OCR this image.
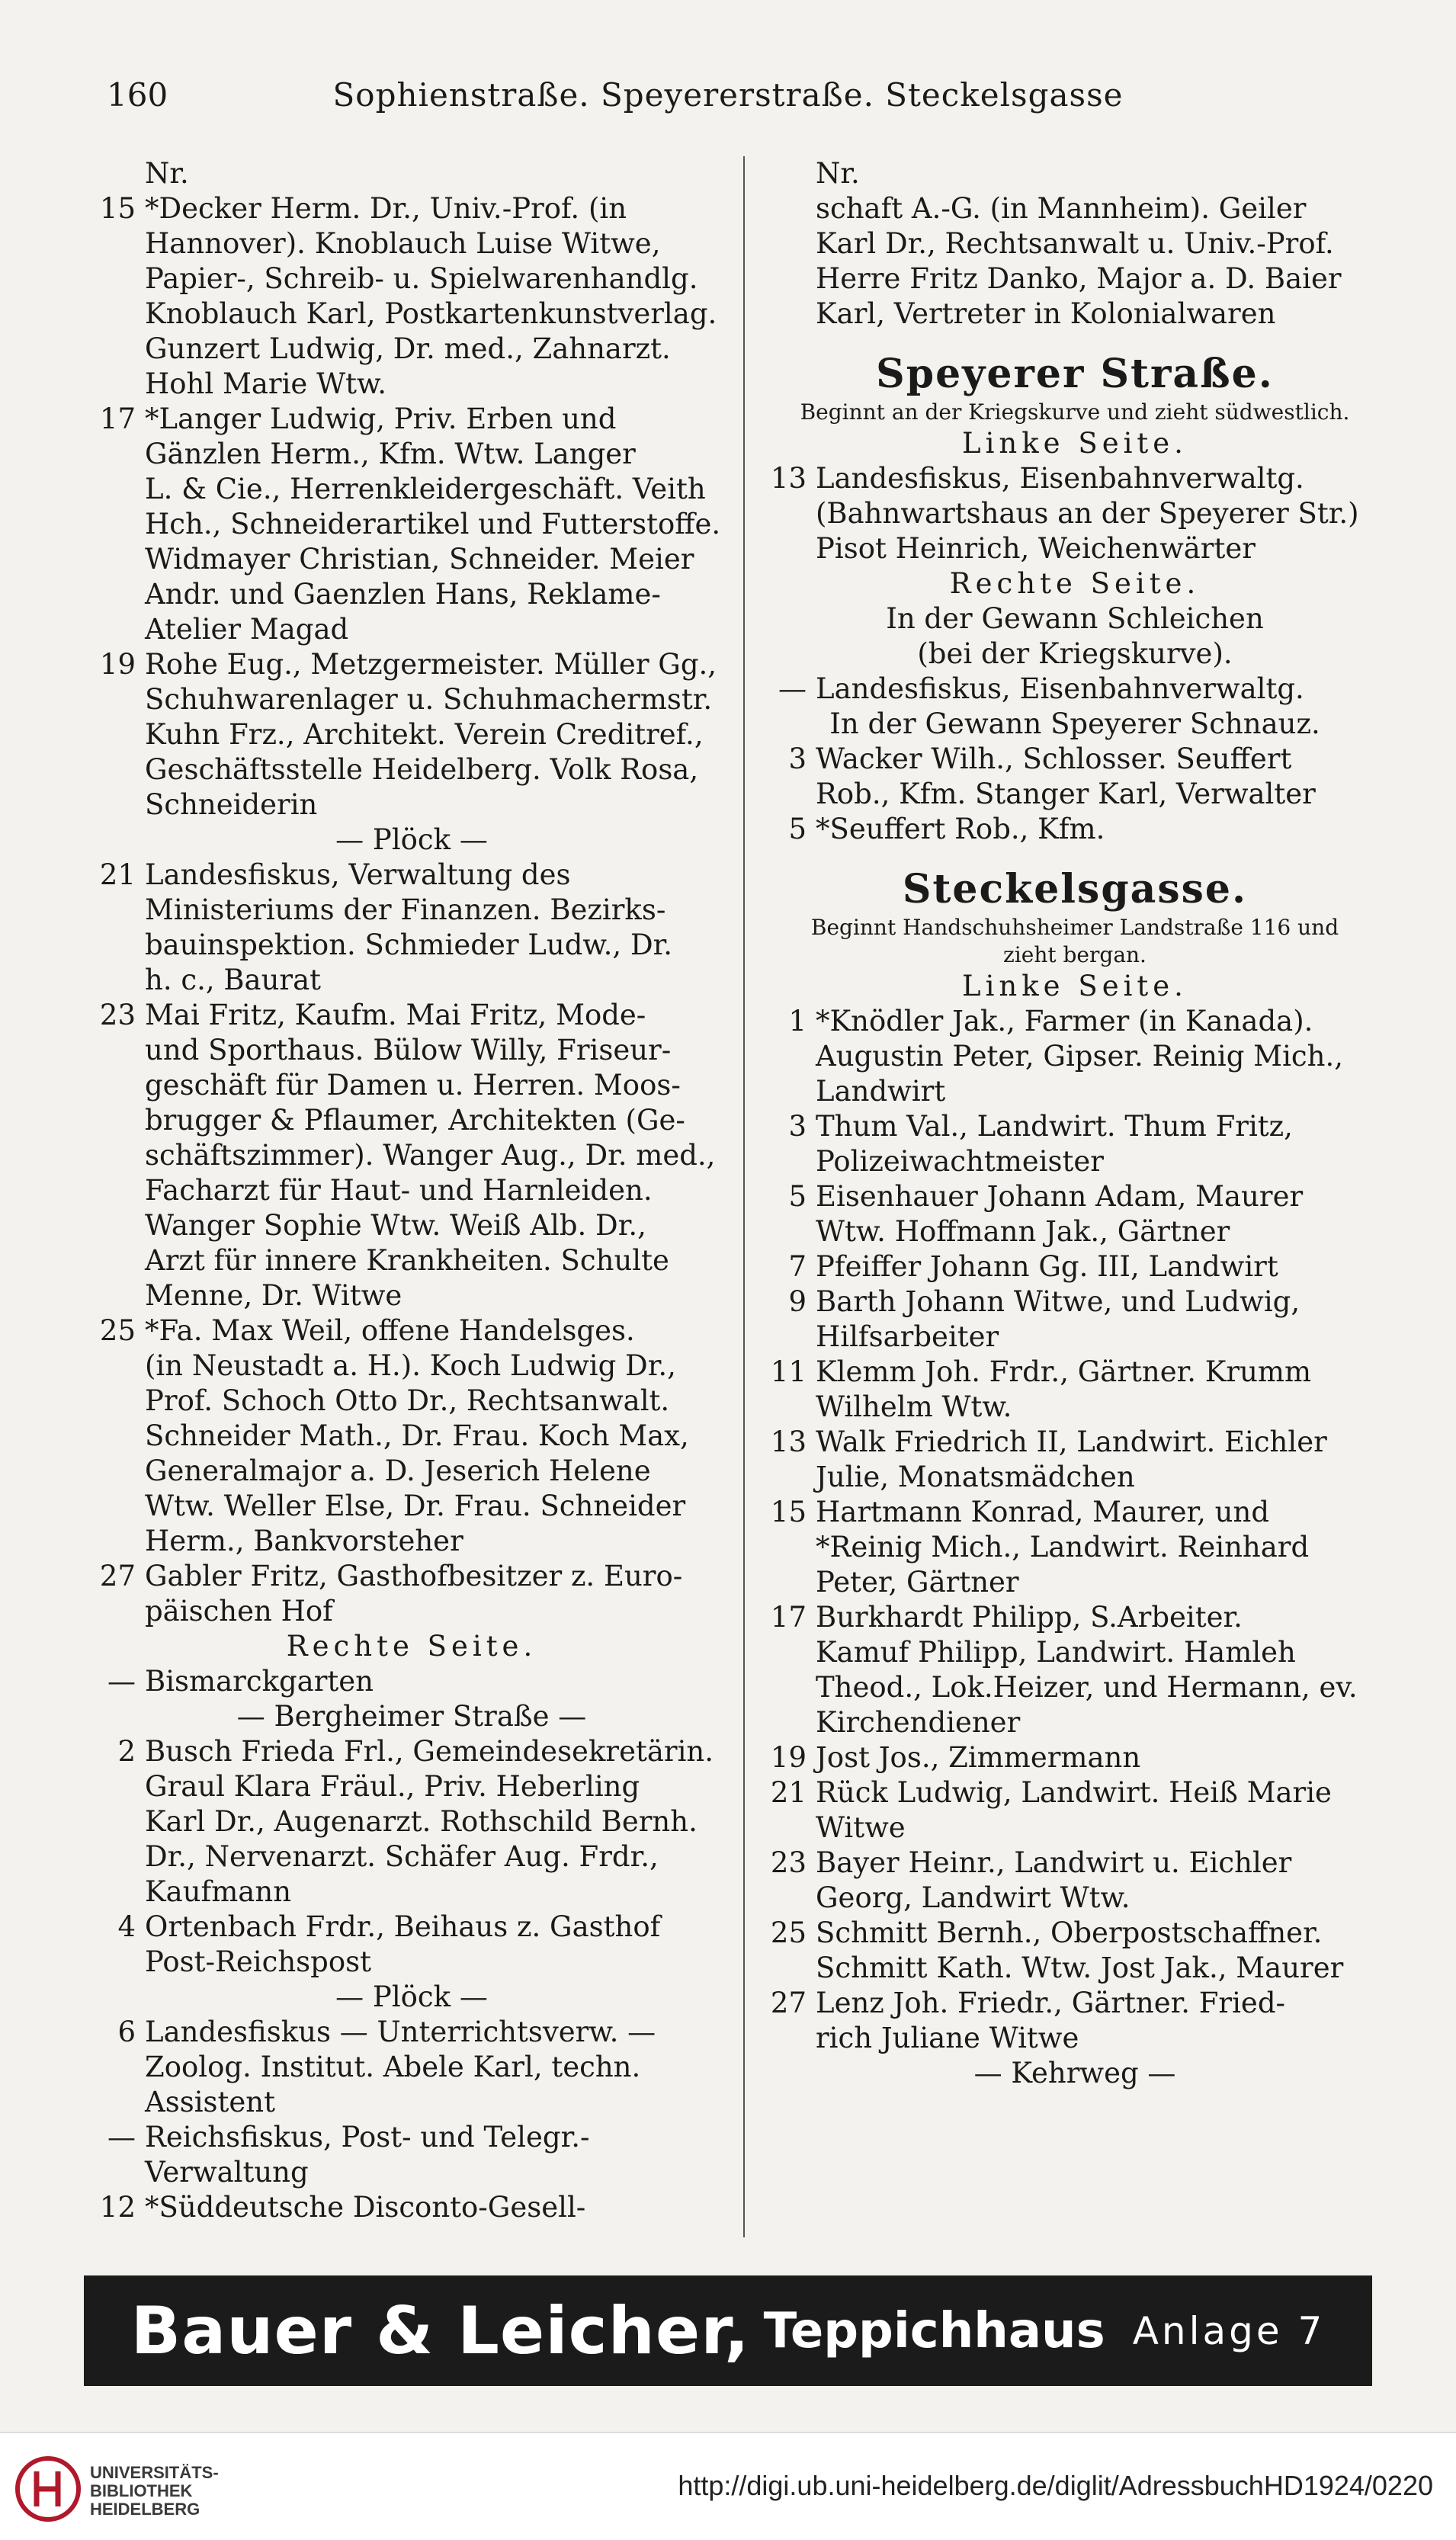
160	Sophienstraße. Speyererstraße. Steckelsgasse
Nr.
15 *Decker Herm. Dr., Univ.-Prof. (in
Hannover). Knoblauch Luise Witwe,
Papier-, Schreib- u. Spielwarenhandlg.
Knoblauch Karl, Postkartenkunstverlag.
Gunzert Ludwig, Dr. med., Zahnarzt.
Hohl Marie Wtw.
17 *Langer Ludwig, Priv. Erben und
Gänzlen Herm., Kfm. Wtw. Langer
L. & Cie., Herrenkleidergeschäft. Veith
Hch., Schneiderartikel und Futterstoffe.
Widmayer Christian, Schneider. Meier
Andr. und Gaenzlen Hans, Reklame-
Atelier Magad
19 Rohe Eug., Metzgermeister. Müller Gg.,
Schuhwarenlager u. Schuhmachermstr.
Kuhn Frz., Architekt. Verein Creditref.,
Geschäftsstelle Heidelberg. Volk Rosa,
Schneiderin
— Plöck —
21 Landesfiskus, Verwaltung des
Ministeriums der Finanzen. Bezirks-
bauinspektion. Schmieder Ludw., Dr.
h. c., Baurat
23 Mai Fritz, Kaufm. Mai Fritz, Mode-
und Sporthaus. Bülow Willy, Friseur-
geschäft für Damen u. Herren. Moos-
brugger & Pflaumer, Architekten (Ge-
schäftszimmer). Wanger Aug., Dr. med.,
Facharzt für Haut- und Harnleiden.
Wanger Sophie Wtw. Weiß Alb. Dr.,
Arzt für innere Krankheiten. Schulte
Menne, Dr. Witwe
25 *Fa. Max Weil, offene Handelsges.
(in Neustadt a. H.). Koch Ludwig Dr.,
Prof. Schoch Otto Dr., Rechtsanwalt.
Schneider Math., Dr. Frau. Koch Max,
Generalmajor a. D. Jeserich Helene
Wtw. Weller Else, Dr. Frau. Schneider
Herm., Bankvorsteher
27 Gabler Fritz, Gasthofbesitzer z. Euro-
päischen Hof
Rechte Seite.
— Bismarckgarten
— Bergheimer Straße —
2 Busch Frieda Frl., Gemeindesekretärin.
Graul Klara Fräul., Priv. Heberling
Karl Dr., Augenarzt. Rothschild Bernh.
Dr., Nervenarzt. Schäfer Aug. Frdr.,
Kaufmann
4 Ortenbach Frdr., Beihaus z. Gasthof
Post-Reichspost
— Plöck —
6 Landesfiskus — Unterrichtsverw. —
Zoolog. Institut. Abele Karl, techn.
Assistent
— Reichsfiskus, Post- und Telegr.-
Verwaltung
12 *Süddeutsche Disconto-Gesell-
Nr.
schaft A.-G. (in Mannheim). Geiler
Karl Dr., Rechtsanwalt u. Univ.-Prof.
Herre Fritz Danko, Major a. D. Baier
Karl, Vertreter in Kolonialwaren
Speyerer Straße.
Beginnt an der Kriegskurve und zieht südwestlich.
Linke Seite.
13 Landesfiskus, Eisenbahnverwaltg.
(Bahnwartshaus an der Speyerer Str.)
Pisot Heinrich, Weichenwärter
Rechte Seite.
In der Gewann Schleichen
(bei der Kriegskurve).
— Landesfiskus, Eisenbahnverwaltg.
In der Gewann Speyerer Schnauz.
3 Wacker Wilh., Schlosser. Seuffert
Rob., Kfm. Stanger Karl, Verwalter
5 *Seuffert Rob., Kfm.
Steckelsgasse.
Beginnt Handschuhsheimer Landstraße 116 und
zieht bergan.
Linke Seite.
1 *Knödler Jak., Farmer (in Kanada).
Augustin Peter, Gipser. Reinig Mich.,
Landwirt
3 Thum Val., Landwirt. Thum Fritz,
Polizeiwachtmeister
5 Eisenhauer Johann Adam, Maurer
Wtw. Hoffmann Jak., Gärtner
7 Pfeiffer Johann Gg. III, Landwirt
9 Barth Johann Witwe, und Ludwig,
Hilfsarbeiter
11 Klemm Joh. Frdr., Gärtner. Krumm
Wilhelm Wtw.
13 Walk Friedrich II, Landwirt. Eichler
Julie, Monatsmädchen
15 Hartmann Konrad, Maurer, und
*Reinig Mich., Landwirt. Reinhard
Peter, Gärtner
17 Burkhardt Philipp, S.Arbeiter.
Kamuf Philipp, Landwirt. Hamleh
Theod., Lok.Heizer, und Hermann, ev.
Kirchendiener
19 Jost Jos., Zimmermann
21 Rück Ludwig, Landwirt. Heiß Marie
Witwe
23 Bayer Heinr., Landwirt u. Eichler
Georg, Landwirt Wtw.
25 Schmitt Bernh., Oberpostschaffner.
Schmitt Kath. Wtw. Jost Jak., Maurer
27 Lenz Joh. Friedr., Gärtner. Fried-
rich Juliane Witwe
— Kehrweg —
Bauer & Leicher, Teppichhaus Anlage 7
UNIVERSITÄTS-
BIBLIOTHEK
HEIDELBERG
http://digi.ub.uni-heidelberg.de/diglit/AdressbuchHD1924/0220
